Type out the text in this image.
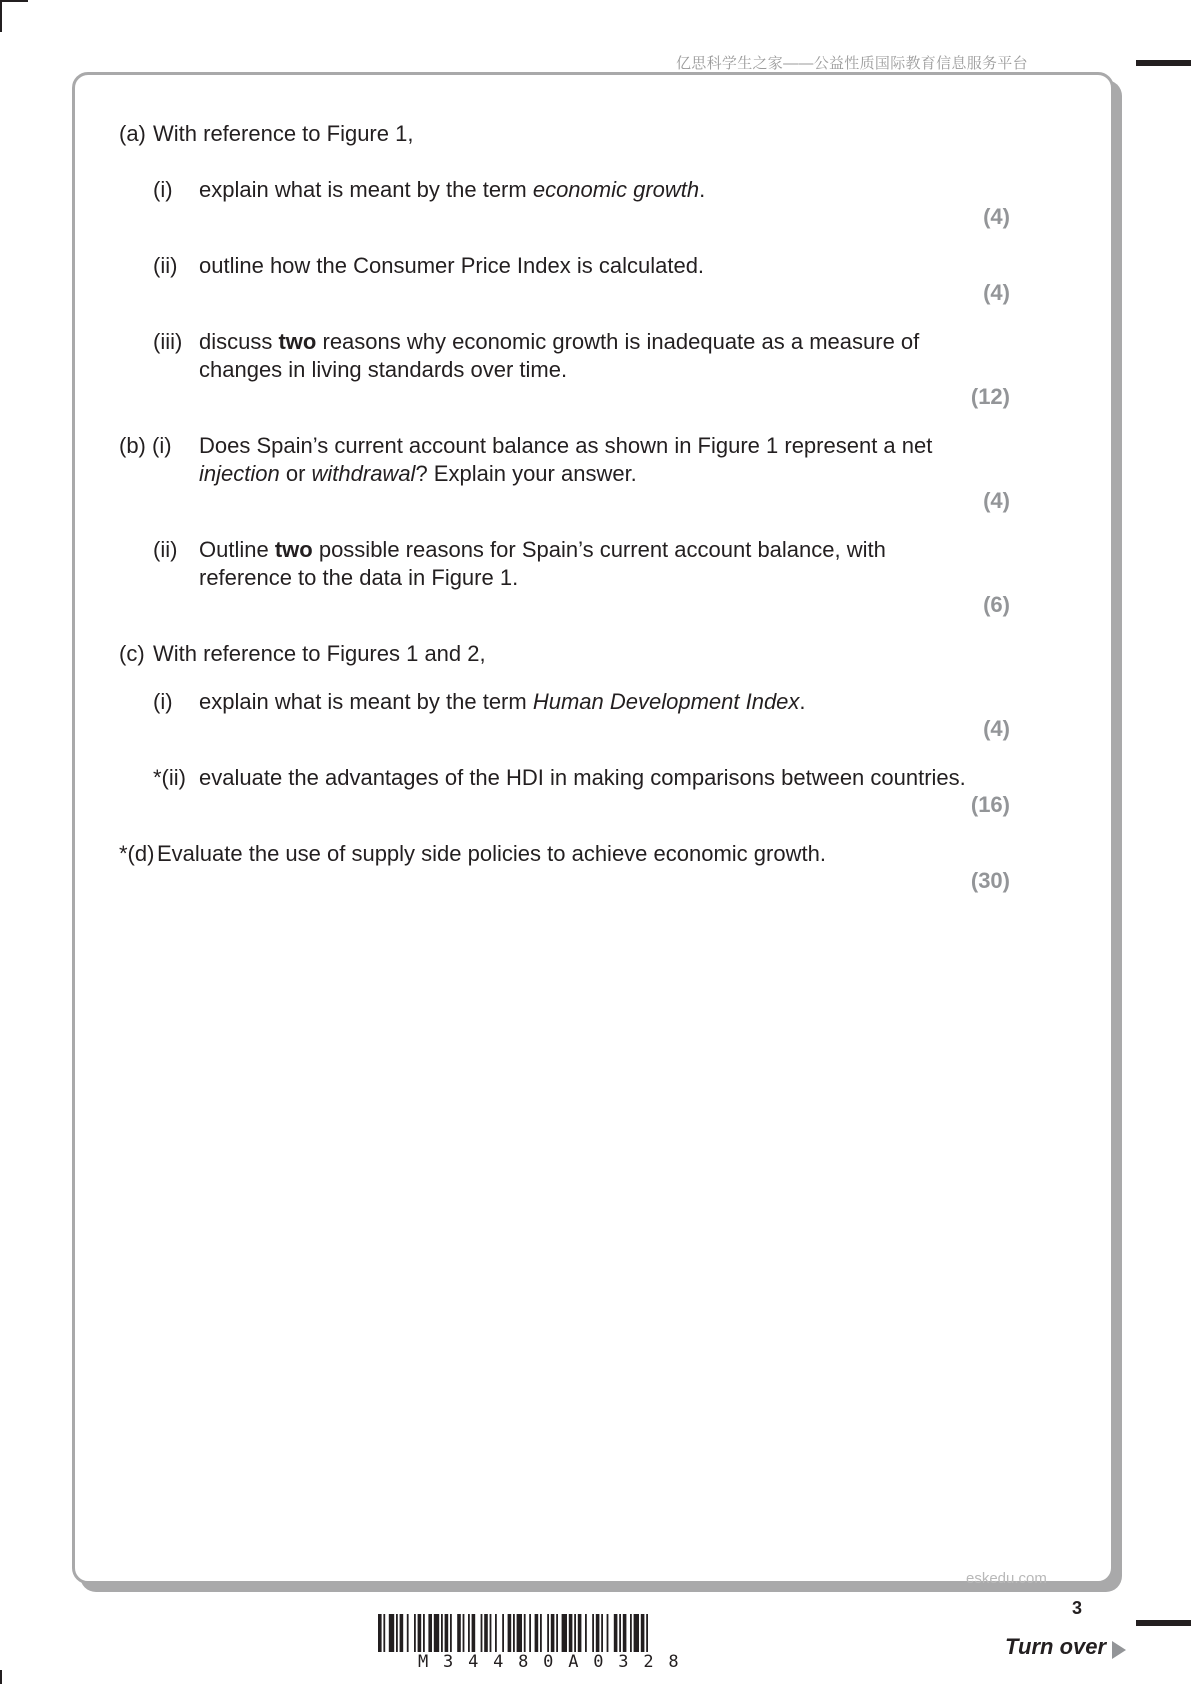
亿思科学生之家——公益性质国际教育信息服务平台
(a) With reference to Figure 1,
(i) explain what is meant by the term economic growth.
(4)
(ii) outline how the Consumer Price Index is calculated.
(4)
(iii) discuss two reasons why economic growth is inadequate as a measure of
changes in living standards over time.
(12)
(b) (i) Does Spain’s current account balance as shown in Figure 1 represent a net
injection or withdrawal? Explain your answer.
(4)
(ii) Outline two possible reasons for Spain’s current account balance, with
reference to the data in Figure 1.
(6)
(c) With reference to Figures 1 and 2,
(i) explain what is meant by the term Human Development Index.
(4)
*(ii) evaluate the advantages of the HDI in making comparisons between countries.
(16)
*(d) Evaluate the use of supply side policies to achieve economic growth.
(30)
eskedu.com
3
Turn over
M34480A0328
